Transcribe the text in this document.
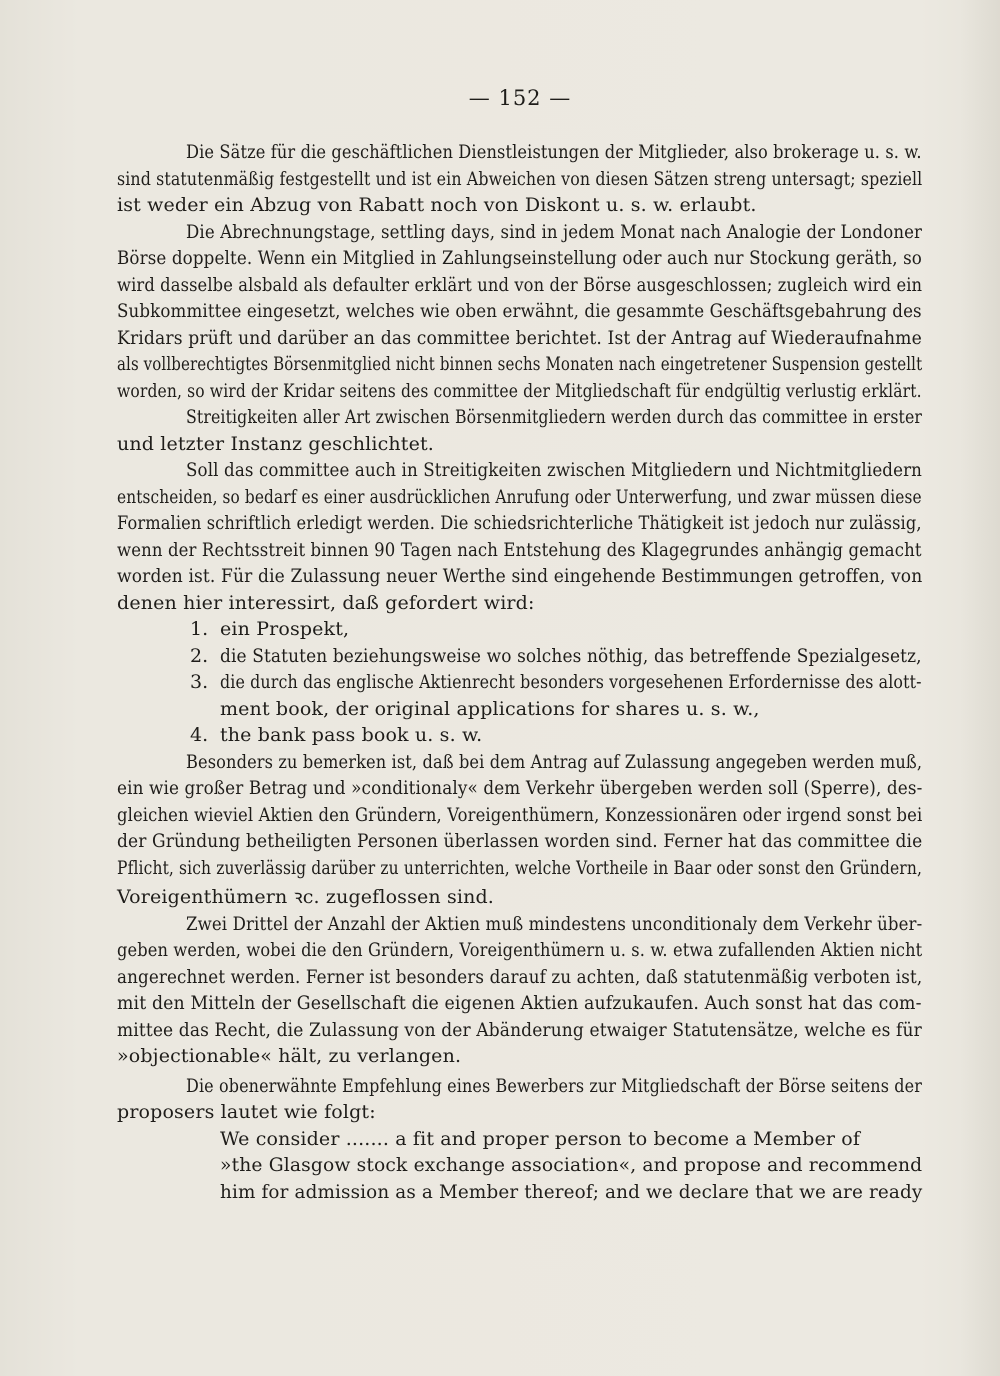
— 152 —
Die Sätze für die geschäftlichen Dienstleistungen der Mitglieder, also brokerage u. s. w.
sind statutenmäßig festgestellt und ist ein Abweichen von diesen Sätzen streng untersagt; speziell
ist weder ein Abzug von Rabatt noch von Diskont u. s. w. erlaubt.
Die Abrechnungstage, settling days, sind in jedem Monat nach Analogie der Londoner
Börse doppelte. Wenn ein Mitglied in Zahlungseinstellung oder auch nur Stockung geräth, so
wird dasselbe alsbald als defaulter erklärt und von der Börse ausgeschlossen; zugleich wird ein
Subkommittee eingesetzt, welches wie oben erwähnt, die gesammte Geschäftsgebahrung des
Kridars prüft und darüber an das committee berichtet. Ist der Antrag auf Wiederaufnahme
als vollberechtigtes Börsenmitglied nicht binnen sechs Monaten nach eingetretener Suspension gestellt
worden, so wird der Kridar seitens des committee der Mitgliedschaft für endgültig verlustig erklärt.
Streitigkeiten aller Art zwischen Börsenmitgliedern werden durch das committee in erster
und letzter Instanz geschlichtet.
Soll das committee auch in Streitigkeiten zwischen Mitgliedern und Nichtmitgliedern
entscheiden, so bedarf es einer ausdrücklichen Anrufung oder Unterwerfung, und zwar müssen diese
Formalien schriftlich erledigt werden. Die schiedsrichterliche Thätigkeit ist jedoch nur zulässig,
wenn der Rechtsstreit binnen 90 Tagen nach Entstehung des Klagegrundes anhängig gemacht
worden ist. Für die Zulassung neuer Werthe sind eingehende Bestimmungen getroffen, von
denen hier interessirt, daß gefordert wird:
1. ein Prospekt,
2. die Statuten beziehungsweise wo solches nöthig, das betreffende Spezialgesetz,
3. die durch das englische Aktienrecht besonders vorgesehenen Erfordernisse des alott-
ment book, der original applications for shares u. s. w.,
4. the bank pass book u. s. w.
Besonders zu bemerken ist, daß bei dem Antrag auf Zulassung angegeben werden muß,
ein wie großer Betrag und »conditionaly« dem Verkehr übergeben werden soll (Sperre), des-
gleichen wieviel Aktien den Gründern, Voreigenthümern, Konzessionären oder irgend sonst bei
der Gründung betheiligten Personen überlassen worden sind. Ferner hat das committee die
Pflicht, sich zuverlässig darüber zu unterrichten, welche Vortheile in Baar oder sonst den Gründern,
Voreigenthümern ꝛc. zugeflossen sind.
Zwei Drittel der Anzahl der Aktien muß mindestens unconditionaly dem Verkehr über-
geben werden, wobei die den Gründern, Voreigenthümern u. s. w. etwa zufallenden Aktien nicht
angerechnet werden. Ferner ist besonders darauf zu achten, daß statutenmäßig verboten ist,
mit den Mitteln der Gesellschaft die eigenen Aktien aufzukaufen. Auch sonst hat das com-
mittee das Recht, die Zulassung von der Abänderung etwaiger Statutensätze, welche es für
»objectionable« hält, zu verlangen.
Die obenerwähnte Empfehlung eines Bewerbers zur Mitgliedschaft der Börse seitens der
proposers lautet wie folgt:
We consider ....... a fit and proper person to become a Member of
»the Glasgow stock exchange association«, and propose and recommend
him for admission as a Member thereof; and we declare that we are ready
